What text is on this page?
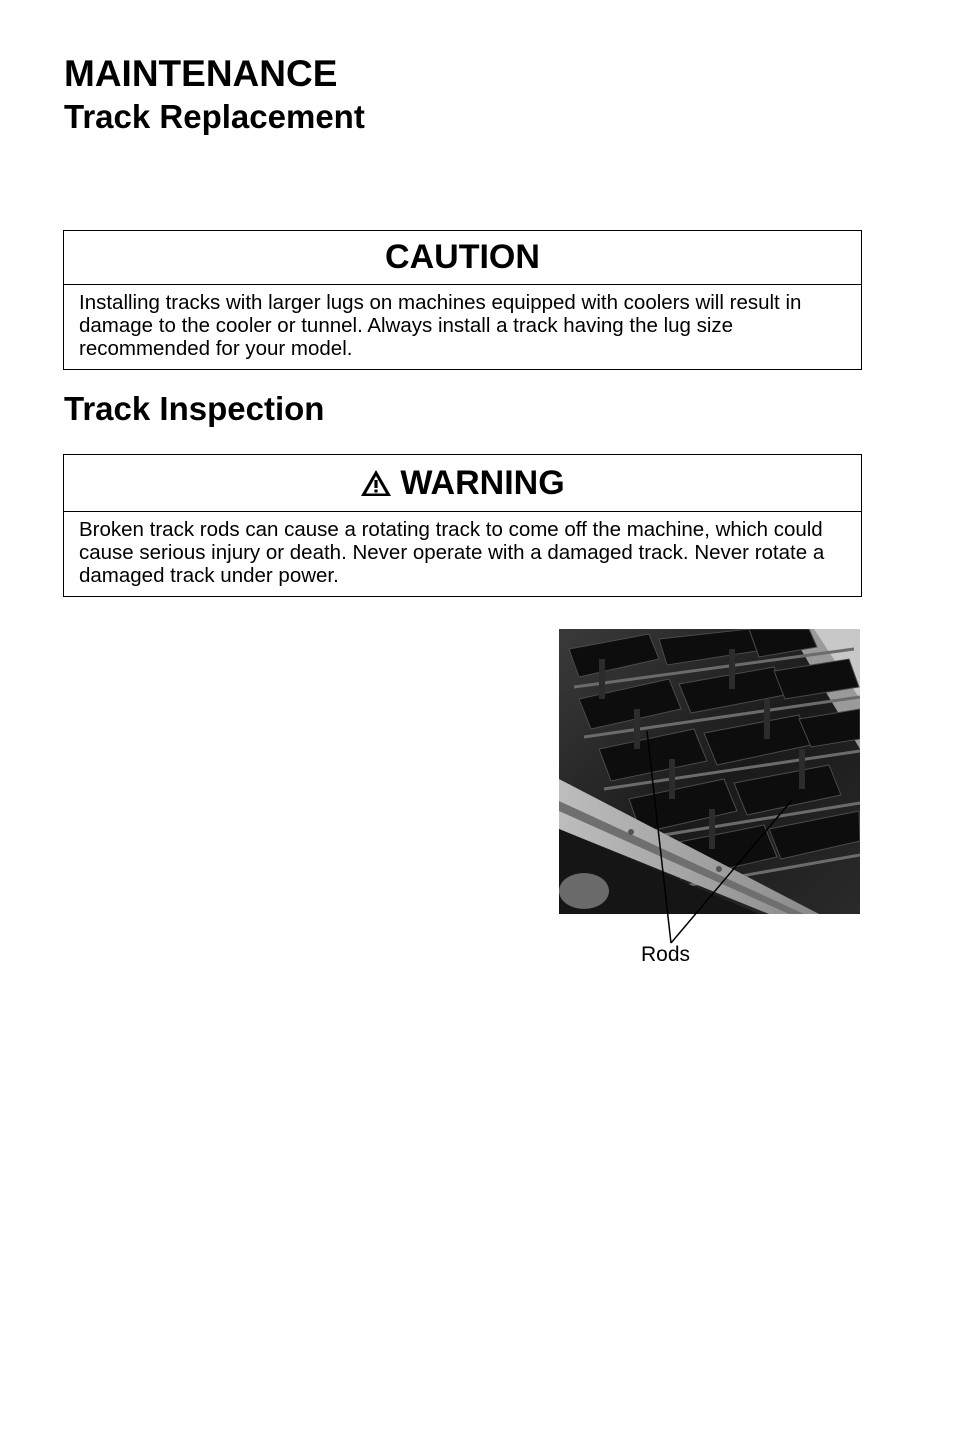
MAINTENANCE
Track Replacement
CAUTION
Installing tracks with larger lugs on machines equipped with coolers will result in damage to the cooler or tunnel. Always install a track having the lug size recommended for your model.
Track Inspection
WARNING
Broken track rods can cause a rotating track to come off the machine, which could cause serious injury or death. Never operate with a damaged track. Never rotate a damaged track under power.
Rods
